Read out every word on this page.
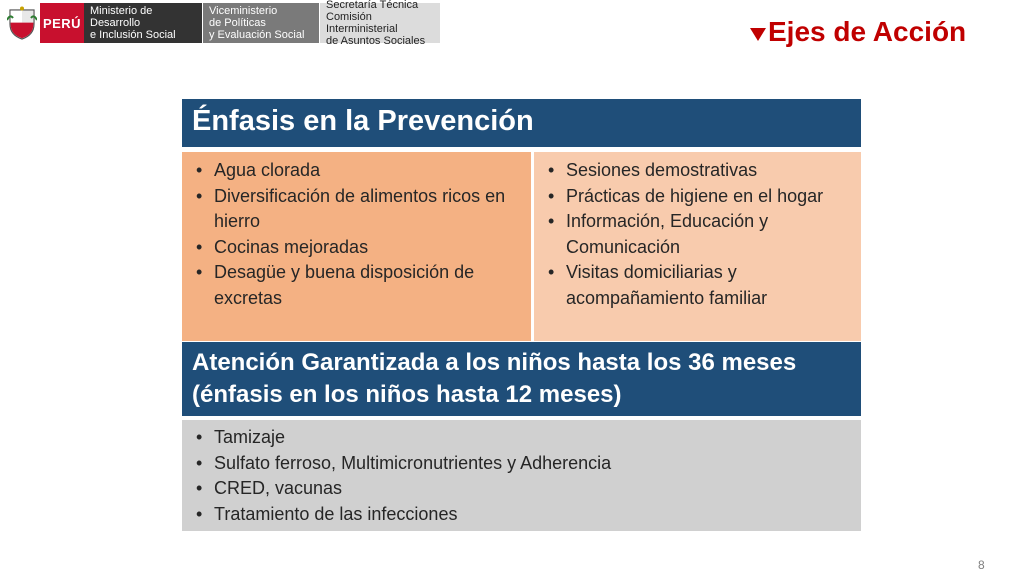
PERÚ
Ministerio de Desarrollo
e Inclusión Social
Viceministerio
de Políticas
y Evaluación Social
Secretaría Técnica
Comisión Interministerial
de Asuntos Sociales	Ejes de Acción
Énfasis en la Prevención
• Agua clorada
• Diversificación de alimentos ricos en hierro
• Cocinas mejoradas
• Desagüe y buena disposición de excretas
• Sesiones demostrativas
• Prácticas de higiene en el hogar
• Información, Educación y Comunicación
• Visitas domiciliarias y acompañamiento familiar
Atención Garantizada a los niños hasta los 36 meses
(énfasis en los niños hasta 12 meses)
• Tamizaje
• Sulfato ferroso, Multimicronutrientes y Adherencia
• CRED, vacunas
• Tratamiento de las infecciones
8
